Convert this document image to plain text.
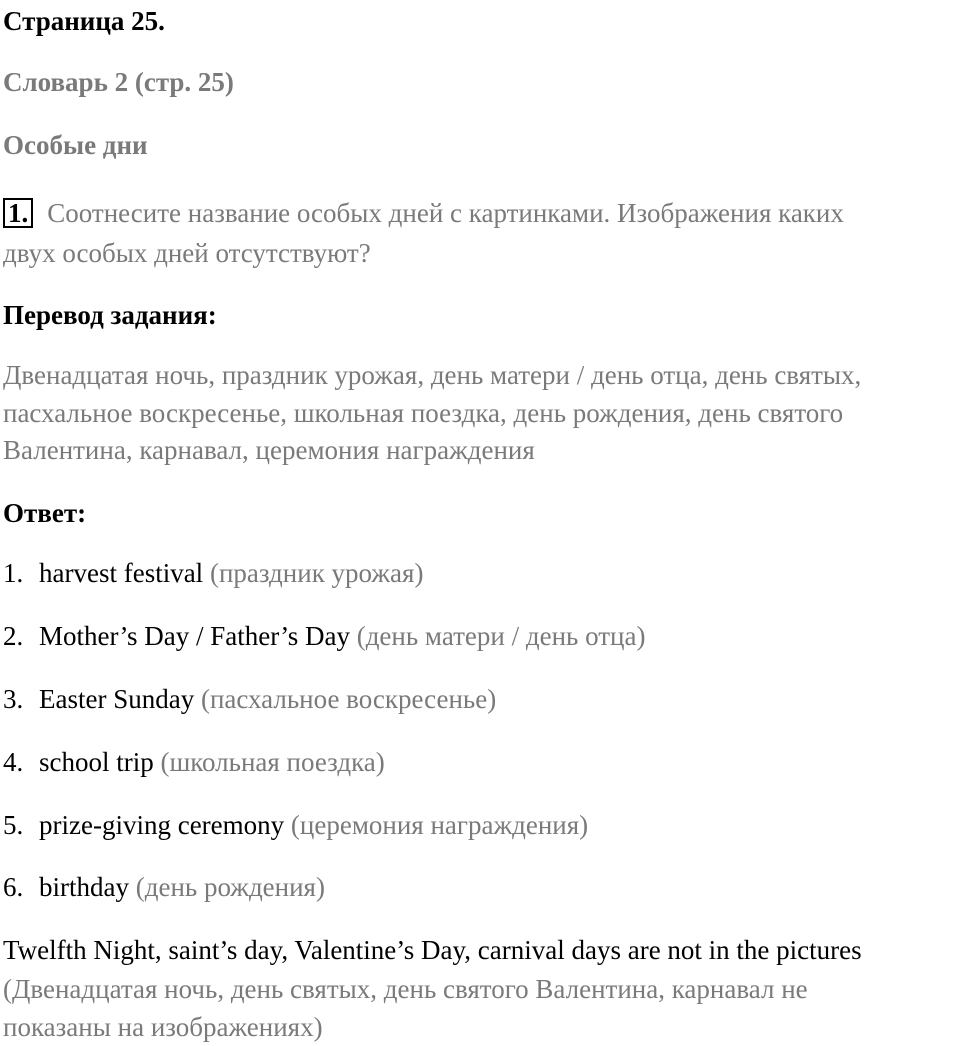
Страница 25.
Словарь 2 (стр. 25)
Особые дни
1. Соотнесите название особых дней с картинками. Изображения каких
двух особых дней отсутствуют?
Перевод задания:
Двенадцатая ночь, праздник урожая, день матери / день отца, день святых,
пасхальное воскресенье, школьная поездка, день рождения, день святого
Валентина, карнавал, церемония награждения
Ответ:
1. harvest festival (праздник урожая)
2. Mother’s Day / Father’s Day (день матери / день отца)
3. Easter Sunday (пасхальное воскресенье)
4. school trip (школьная поездка)
5. prize-giving ceremony (церемония награждения)
6. birthday (день рождения)
Twelfth Night, saint’s day, Valentine’s Day, carnival days are not in the pictures
(Двенадцатая ночь, день святых, день святого Валентина, карнавал не
показаны на изображениях)
